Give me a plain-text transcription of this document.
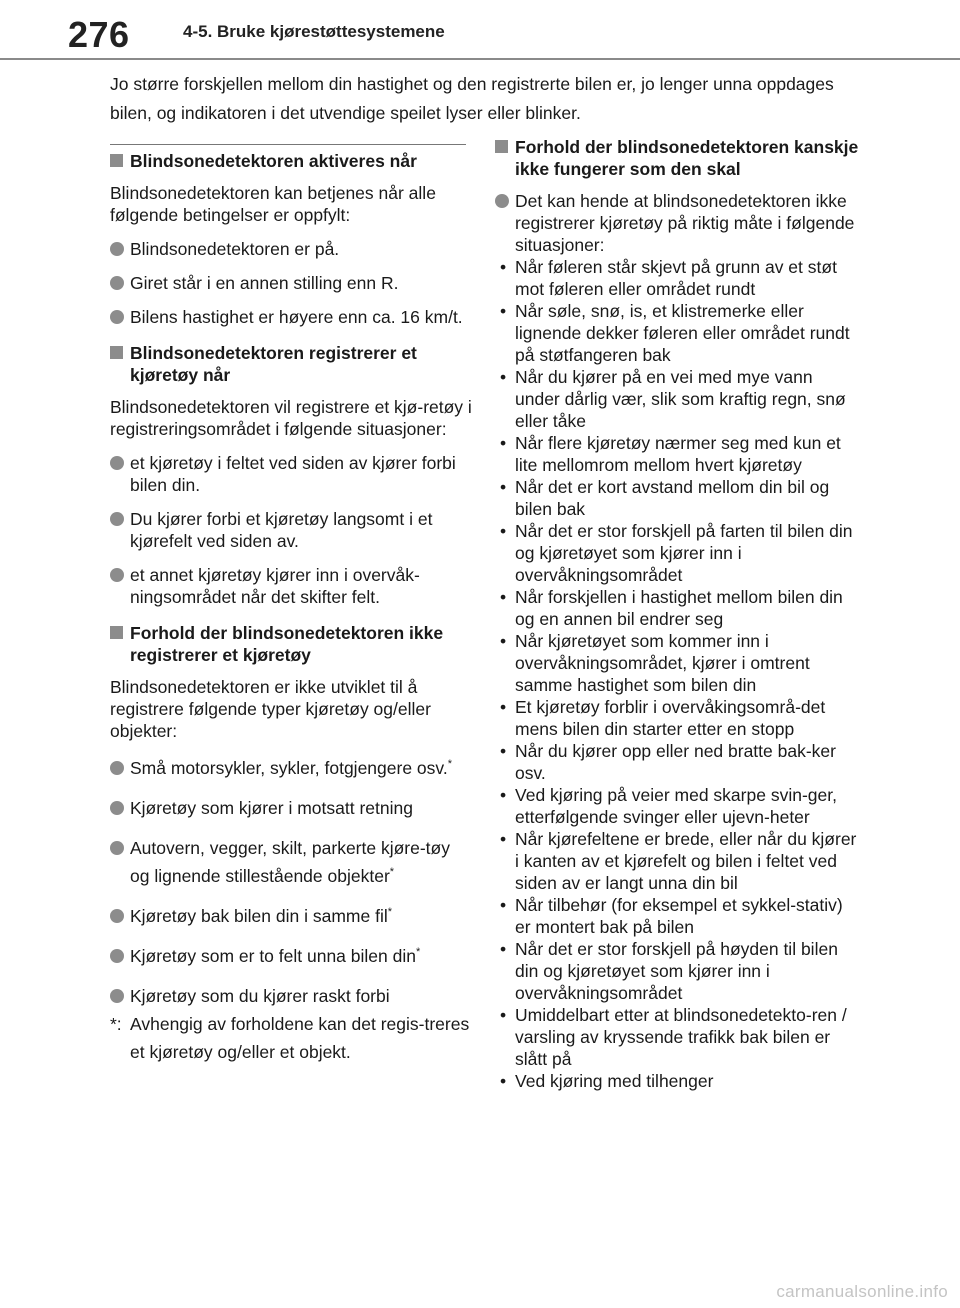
276	4-5. Bruke kjørestøttesystemene

Jo større forskjellen mellom din hastighet og den registrerte bilen er, jo lenger unna oppdages bilen, og indikatoren i det utvendige speilet lyser eller blinker.

Blindsonedetektoren aktiveres når

Blindsonedetektoren kan betjenes når alle følgende betingelser er oppfylt:

Blindsonedetektoren er på.
Giret står i en annen stilling enn R.
Bilens hastighet er høyere enn ca. 16 km/t.
Blindsonedetektoren registrerer et kjøretøy når

Blindsonedetektoren vil registrere et kjø-retøy i registreringsområdet i følgende situasjoner:

et kjøretøy i feltet ved siden av kjører forbi bilen din.
Du kjører forbi et kjøretøy langsomt i et kjørefelt ved siden av.
et annet kjøretøy kjører inn i overvåk-ningsområdet når det skifter felt.
Forhold der blindsonedetektoren ikke registrerer et kjøretøy

Blindsonedetektoren er ikke utviklet til å registrere følgende typer kjøretøy og/eller objekter:

Små motorsykler, sykler, fotgjengere osv.*
Kjøretøy som kjører i motsatt retning
Autovern, vegger, skilt, parkerte kjøre-tøy og lignende stillestående objekter*
Kjøretøy bak bilen din i samme fil*
Kjøretøy som er to felt unna bilen din*
Kjøretøy som du kjører raskt forbi
*: Avhengig av forholdene kan det regis-treres et kjøretøy og/eller et objekt.
Forhold der blindsonedetektoren kanskje ikke fungerer som den skal
Det kan hende at blindsonedetektoren ikke registrerer kjøretøy på riktig måte i følgende situasjoner:
• Når føleren står skjevt på grunn av et støt mot føleren eller området rundt
• Når søle, snø, is, et klistremerke eller lignende dekker føleren eller området rundt på støtfangeren bak
• Når du kjører på en vei med mye vann under dårlig vær, slik som kraftig regn, snø eller tåke
• Når flere kjøretøy nærmer seg med kun et lite mellomrom mellom hvert kjøretøy
• Når det er kort avstand mellom din bil og bilen bak
• Når det er stor forskjell på farten til bilen din og kjøretøyet som kjører inn i overvåkningsområdet
• Når forskjellen i hastighet mellom bilen din og en annen bil endrer seg
• Når kjøretøyet som kommer inn i overvåkningsområdet, kjører i omtrent samme hastighet som bilen din
• Et kjøretøy forblir i overvåkingsområ-det mens bilen din starter etter en stopp
• Når du kjører opp eller ned bratte bak-ker osv.
• Ved kjøring på veier med skarpe svin-ger, etterfølgende svinger eller ujevn-heter
• Når kjørefeltene er brede, eller når du kjører i kanten av et kjørefelt og bilen i feltet ved siden av er langt unna din bil
• Når tilbehør (for eksempel et sykkel-stativ) er montert bak på bilen
• Når det er stor forskjell på høyden til bilen din og kjøretøyet som kjører inn i overvåkningsområdet
• Umiddelbart etter at blindsonedetekto-ren / varsling av kryssende trafikk bak bilen er slått på
• Ved kjøring med tilhenger
carmanualsonline.info
